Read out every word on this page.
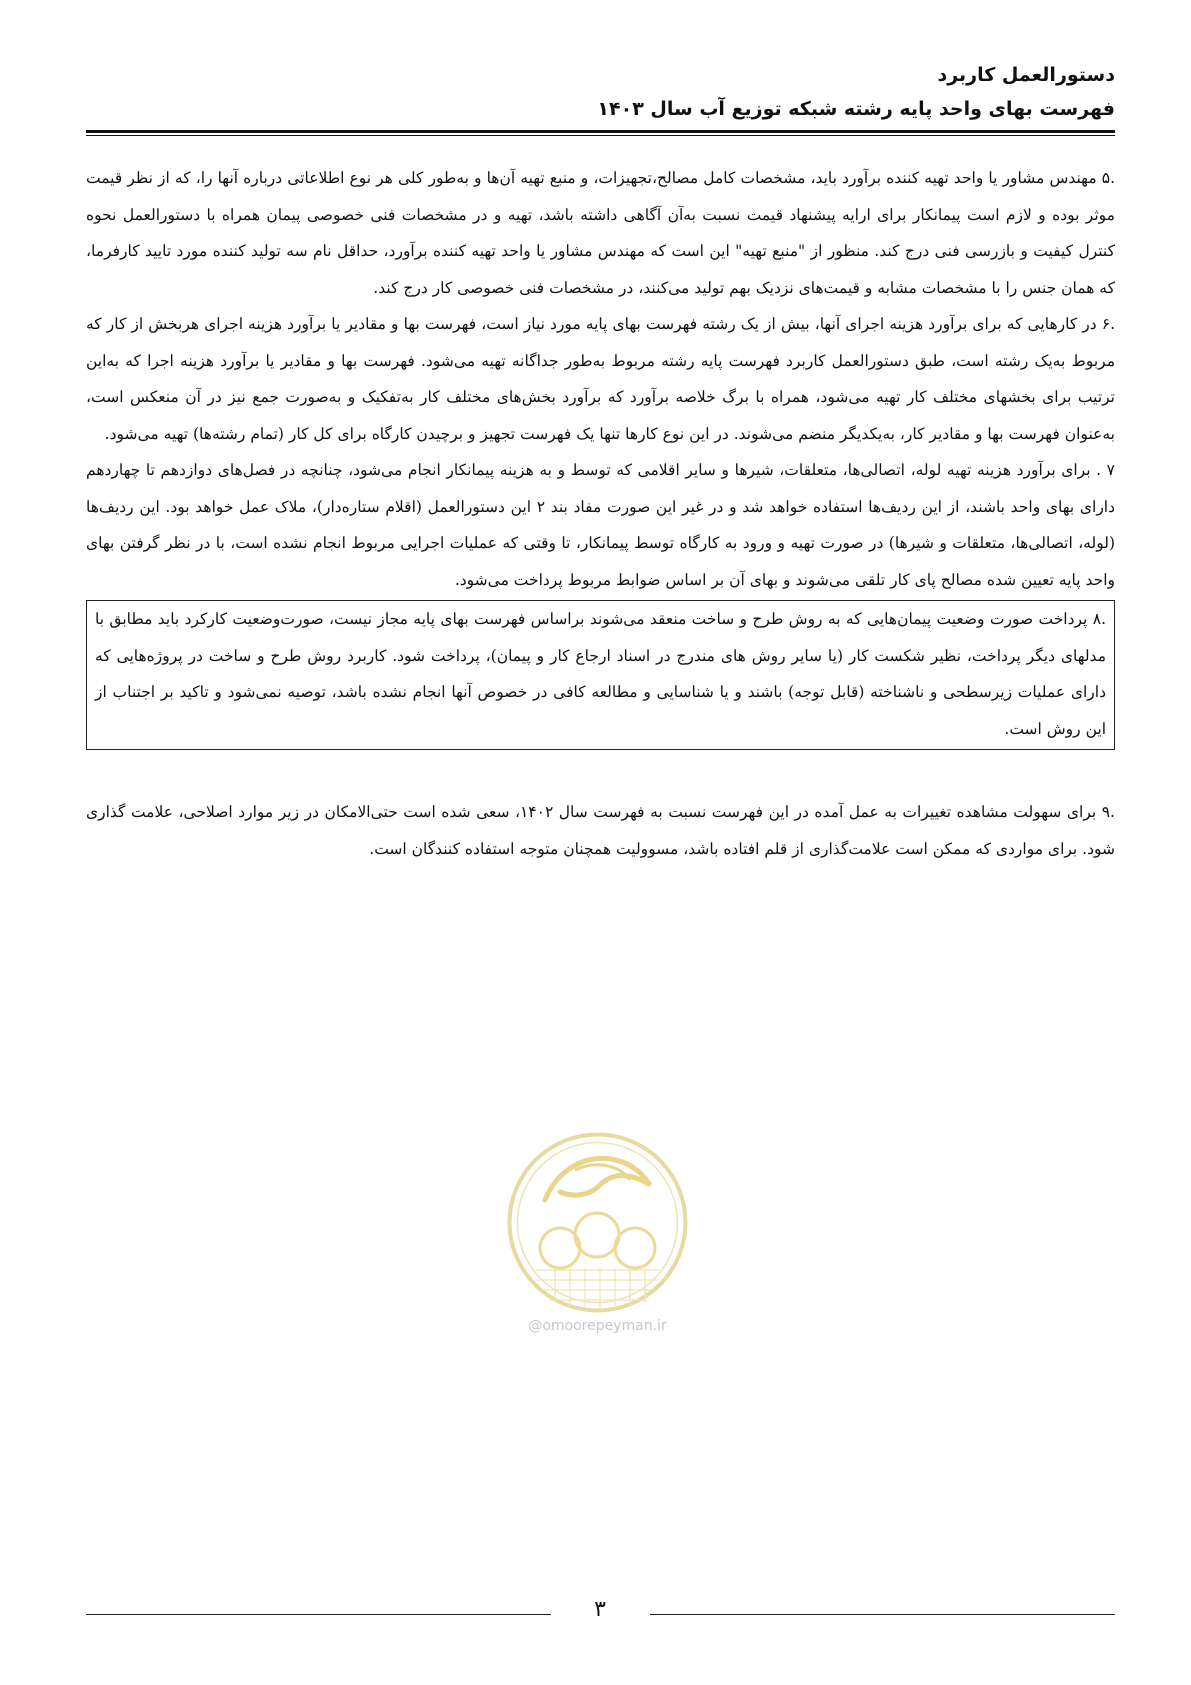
دستورالعمل کاربرد

فهرست بهای واحد پایه رشته شبکه توزیع آب سال ۱۴۰۳

.۵ مهندس مشاور یا واحد تهیه کننده برآورد باید، مشخصات کامل مصالح،تجهیزات، و منبع تهیه آن‌ها و به‌طور کلی هر نوع اطلاعاتی درباره آنها را، که از نظر قیمت موثر بوده و لازم است پیمانکار برای ارایه پیشنهاد قیمت نسبت به‌آن آگاهی داشته باشد، تهیه و در مشخصات فنی خصوصی پیمان همراه با دستورالعمل نحوه کنترل کیفیت و بازرسی فنی درج کند. منظور از "منبع تهیه" این است که مهندس مشاور یا واحد تهیه کننده برآورد، حداقل نام سه تولید کننده مورد تایید کارفرما، که همان جنس را با مشخصات مشابه و قیمت‌های نزدیک بهم تولید می‌کنند، در مشخصات فنی خصوصی کار درج کند.

.۶ در کارهایی که برای برآورد هزینه اجرای آنها، بیش از یک رشته فهرست بهای پایه مورد نیاز است، فهرست بها و مقادیر یا برآورد هزینه اجرای هربخش از کار که مربوط به‌یک رشته است، طبق دستورالعمل کاربرد فهرست پایه رشته مربوط به‌طور جداگانه تهیه می‌شود. فهرست بها و مقادیر یا برآورد هزینه اجرا که به‌این ترتیب برای بخشهای مختلف کار تهیه می‌شود، همراه با برگ خلاصه برآورد که برآورد بخش‌های مختلف کار به‌تفکیک و به‌صورت جمع نیز در آن منعکس است، به‌عنوان فهرست بها و مقادیر کار، به‌یکدیگر منضم می‌شوند. در این نوع کارها تنها یک فهرست تجهیز و برچیدن کارگاه برای کل کار (تمام رشته‌ها) تهیه می‌شود.

۷ . برای برآورد هزینه تهیه لوله، اتصالی‌ها، متعلقات، شیرها و سایر اقلامی که توسط و به هزینه پیمانکار انجام می‌شود، چنانچه در فصل‌های دوازدهم تا چهاردهم دارای بهای واحد باشند، از این ردیف‌ها استفاده خواهد شد و در غیر این صورت مفاد بند ۲ این دستورالعمل (اقلام ستاره‌دار)، ملاک عمل خواهد بود. این ردیف‌ها (لوله، اتصالی‌ها، متعلقات و شیرها) در صورت تهیه و ورود به کارگاه توسط پیمانکار، تا وقتی که عملیات اجرایی مربوط انجام نشده است، با در نظر گرفتن بهای واحد پایه تعیین شده مصالح پای کار تلقی می‌شوند و بهای آن بر اساس ضوابط مربوط پرداخت می‌شود.

.۸ پرداخت صورت وضعیت پیمان‌هایی که به روش طرح و ساخت منعقد می‌شوند براساس فهرست بهای پایه مجاز نیست، صورت‌وضعیت کارکرد باید مطابق با مدلهای دیگر پرداخت، نظیر شکست کار (یا سایر روش های مندرج در اسناد ارجاع کار و پیمان)، پرداخت شود. کاربرد روش طرح و ساخت در پروژه‌هایی که دارای عملیات زیرسطحی و ناشناخته (قابل توجه) باشند و یا شناسایی و مطالعه کافی در خصوص آنها انجام نشده باشد، توصیه نمی‌شود و تاکید بر اجتناب از این روش است.

.۹ برای سهولت مشاهده تغییرات به عمل آمده در این فهرست نسبت به فهرست سال ۱۴۰۲، سعی شده است حتی‌الامکان در زیر موارد اصلاحی، علامت گذاری شود. برای مواردی که ممکن است علامت‌گذاری از قلم افتاده باشد، مسوولیت همچنان متوجه استفاده کنندگان است.

@omoorepeyman.ir
۳
